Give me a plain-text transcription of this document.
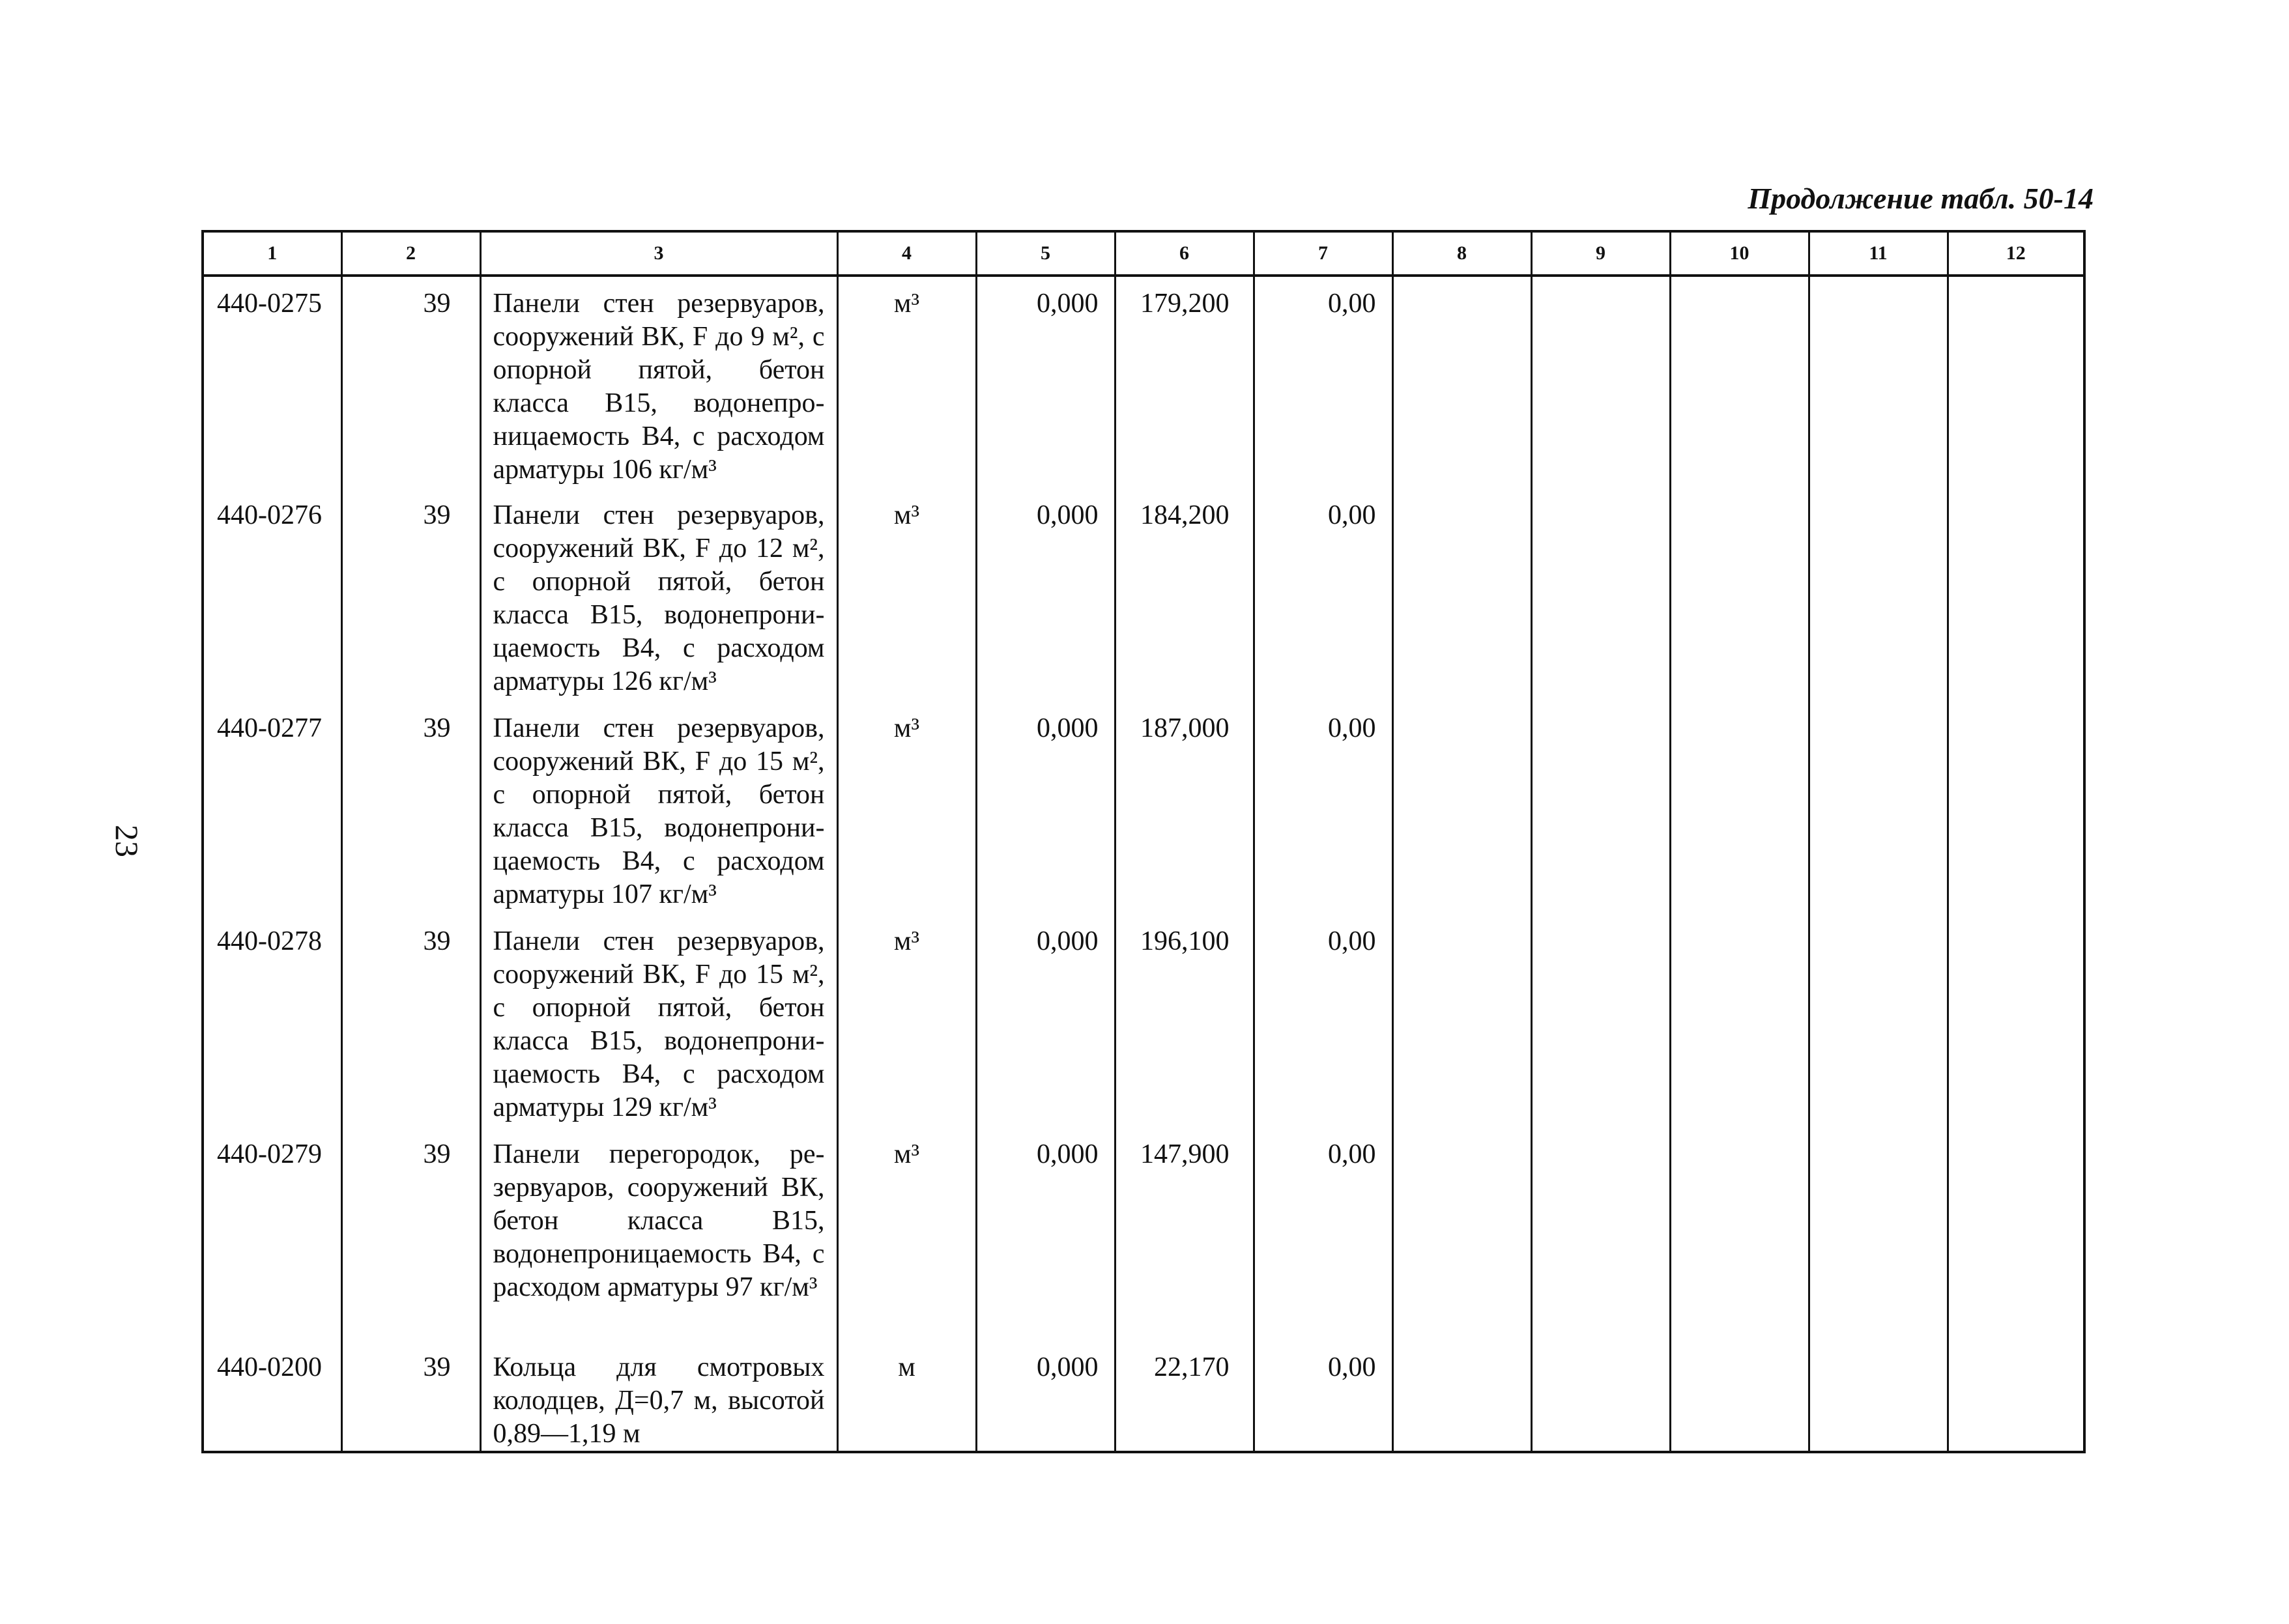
Продолжение табл. 50-14
23
1	2	3	4	5	6	7	8	9	10	11	12
440-0275	39	Панели стен резервуаров, сооружений ВК, F до 9 м², с опорной пятой, бетон класса В15, водонепроницаемость В4, с расходом арматуры 106 кг/м³	м³	0,000	179,200	0,00					
440-0276	39	Панели стен резервуаров, сооружений ВК, F до 12 м², с опорной пятой, бетон класса В15, водонепроницаемость В4, с расходом арматуры 126 кг/м³	м³	0,000	184,200	0,00					
440-0277	39	Панели стен резервуаров, сооружений ВК, F до 15 м², с опорной пятой, бетон класса В15, водонепроницаемость В4, с расходом арматуры 107 кг/м³	м³	0,000	187,000	0,00					
440-0278	39	Панели стен резервуаров, сооружений ВК, F до 15 м², с опорной пятой, бетон класса В15, водонепроницаемость В4, с расходом арматуры 129 кг/м³	м³	0,000	196,100	0,00					
440-0279	39	Панели перегородок, резервуаров, сооружений ВК, бетон класса В15, водонепроницаемость В4, с расходом арматуры 97 кг/м³	м³	0,000	147,900	0,00					
440-0200	39	Кольца для смотровых колодцев, Д=0,7 м, высотой 0,89—1,19 м	м	0,000	22,170	0,00					
